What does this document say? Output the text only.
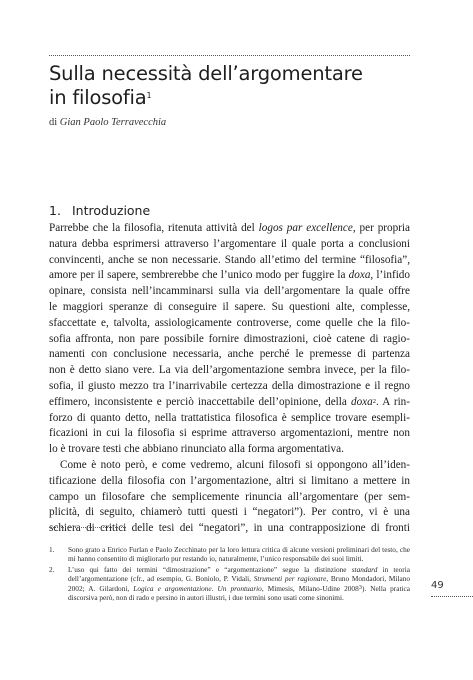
Sulla necessità dell’argomentare
in filosofia$^1$
di Gian Paolo Terravecchia
1. Introduzione

Parrebbe che la filosofia, ritenuta attività del logos par excellence, per propria
natura debba esprimersi attraverso l’argomentare il quale porta a conclusioni
convincenti, anche se non necessarie. Stando all’etimo del termine “filosofia”,
amore per il sapere, sembrerebbe che l’unico modo per fuggire la doxa, l’infido
opinare, consista nell’incamminarsi sulla via dell’argomentare la quale offre
le maggiori speranze di conseguire il sapere. Su questioni alte, complesse,
sfaccettate e, talvolta, assiologicamente controverse, come quelle che la filo-
sofia affronta, non pare possibile fornire dimostrazioni, cioè catene di ragio-
namenti con conclusione necessaria, anche perché le premesse di partenza
non è detto siano vere. La via dell’argomentazione sembra invece, per la filo-
sofia, il giusto mezzo tra l’inarrivabile certezza della dimostrazione e il regno
effimero, inconsistente e perciò inaccettabile dell’opinione, della doxa$^2$. A rin-
forzo di quanto detto, nella trattatistica filosofica è semplice trovare esempli-
ficazioni in cui la filosofia si esprime attraverso argomentazioni, mentre non
lo è trovare testi che abbiano rinunciato alla forma argomentativa.

Come è noto però, e come vedremo, alcuni filosofi si oppongono all’iden-
tificazione della filosofia con l’argomentazione, altri si limitano a mettere in
campo un filosofare che semplicemente rinuncia all’argomentare (per sem-
plicità, di seguito, chiamerò tutti questi i “negatori”). Per contro, vi è una
schiera di critici delle tesi dei “negatori”, in una contrapposizione di fronti

1.	Sono grato a Enrico Furlan e Paolo Zecchinato per la loro lettura critica di alcune versioni preliminari del testo, che mi hanno consentito di migliorarlo pur restando io, naturalmente, l’unico responsabile dei suoi limiti.
2.	L’uso qui fatto dei termini “dimostrazione” e “argomentazione” segue la distinzione standard in teoria dell’argomentazione (cfr., ad esempio, G. Boniolo, P. Vidali, Strumenti per ragionare, Bruno Mondadori, Milano 2002; A. Gilardoni, Logica e argomentazione. Un prontuario, Mimesis, Milano-Udine 2008$^3$). Nella pratica discorsiva però, non di rado e persino in autori illustri, i due termini sono usati come sinonimi.
49
